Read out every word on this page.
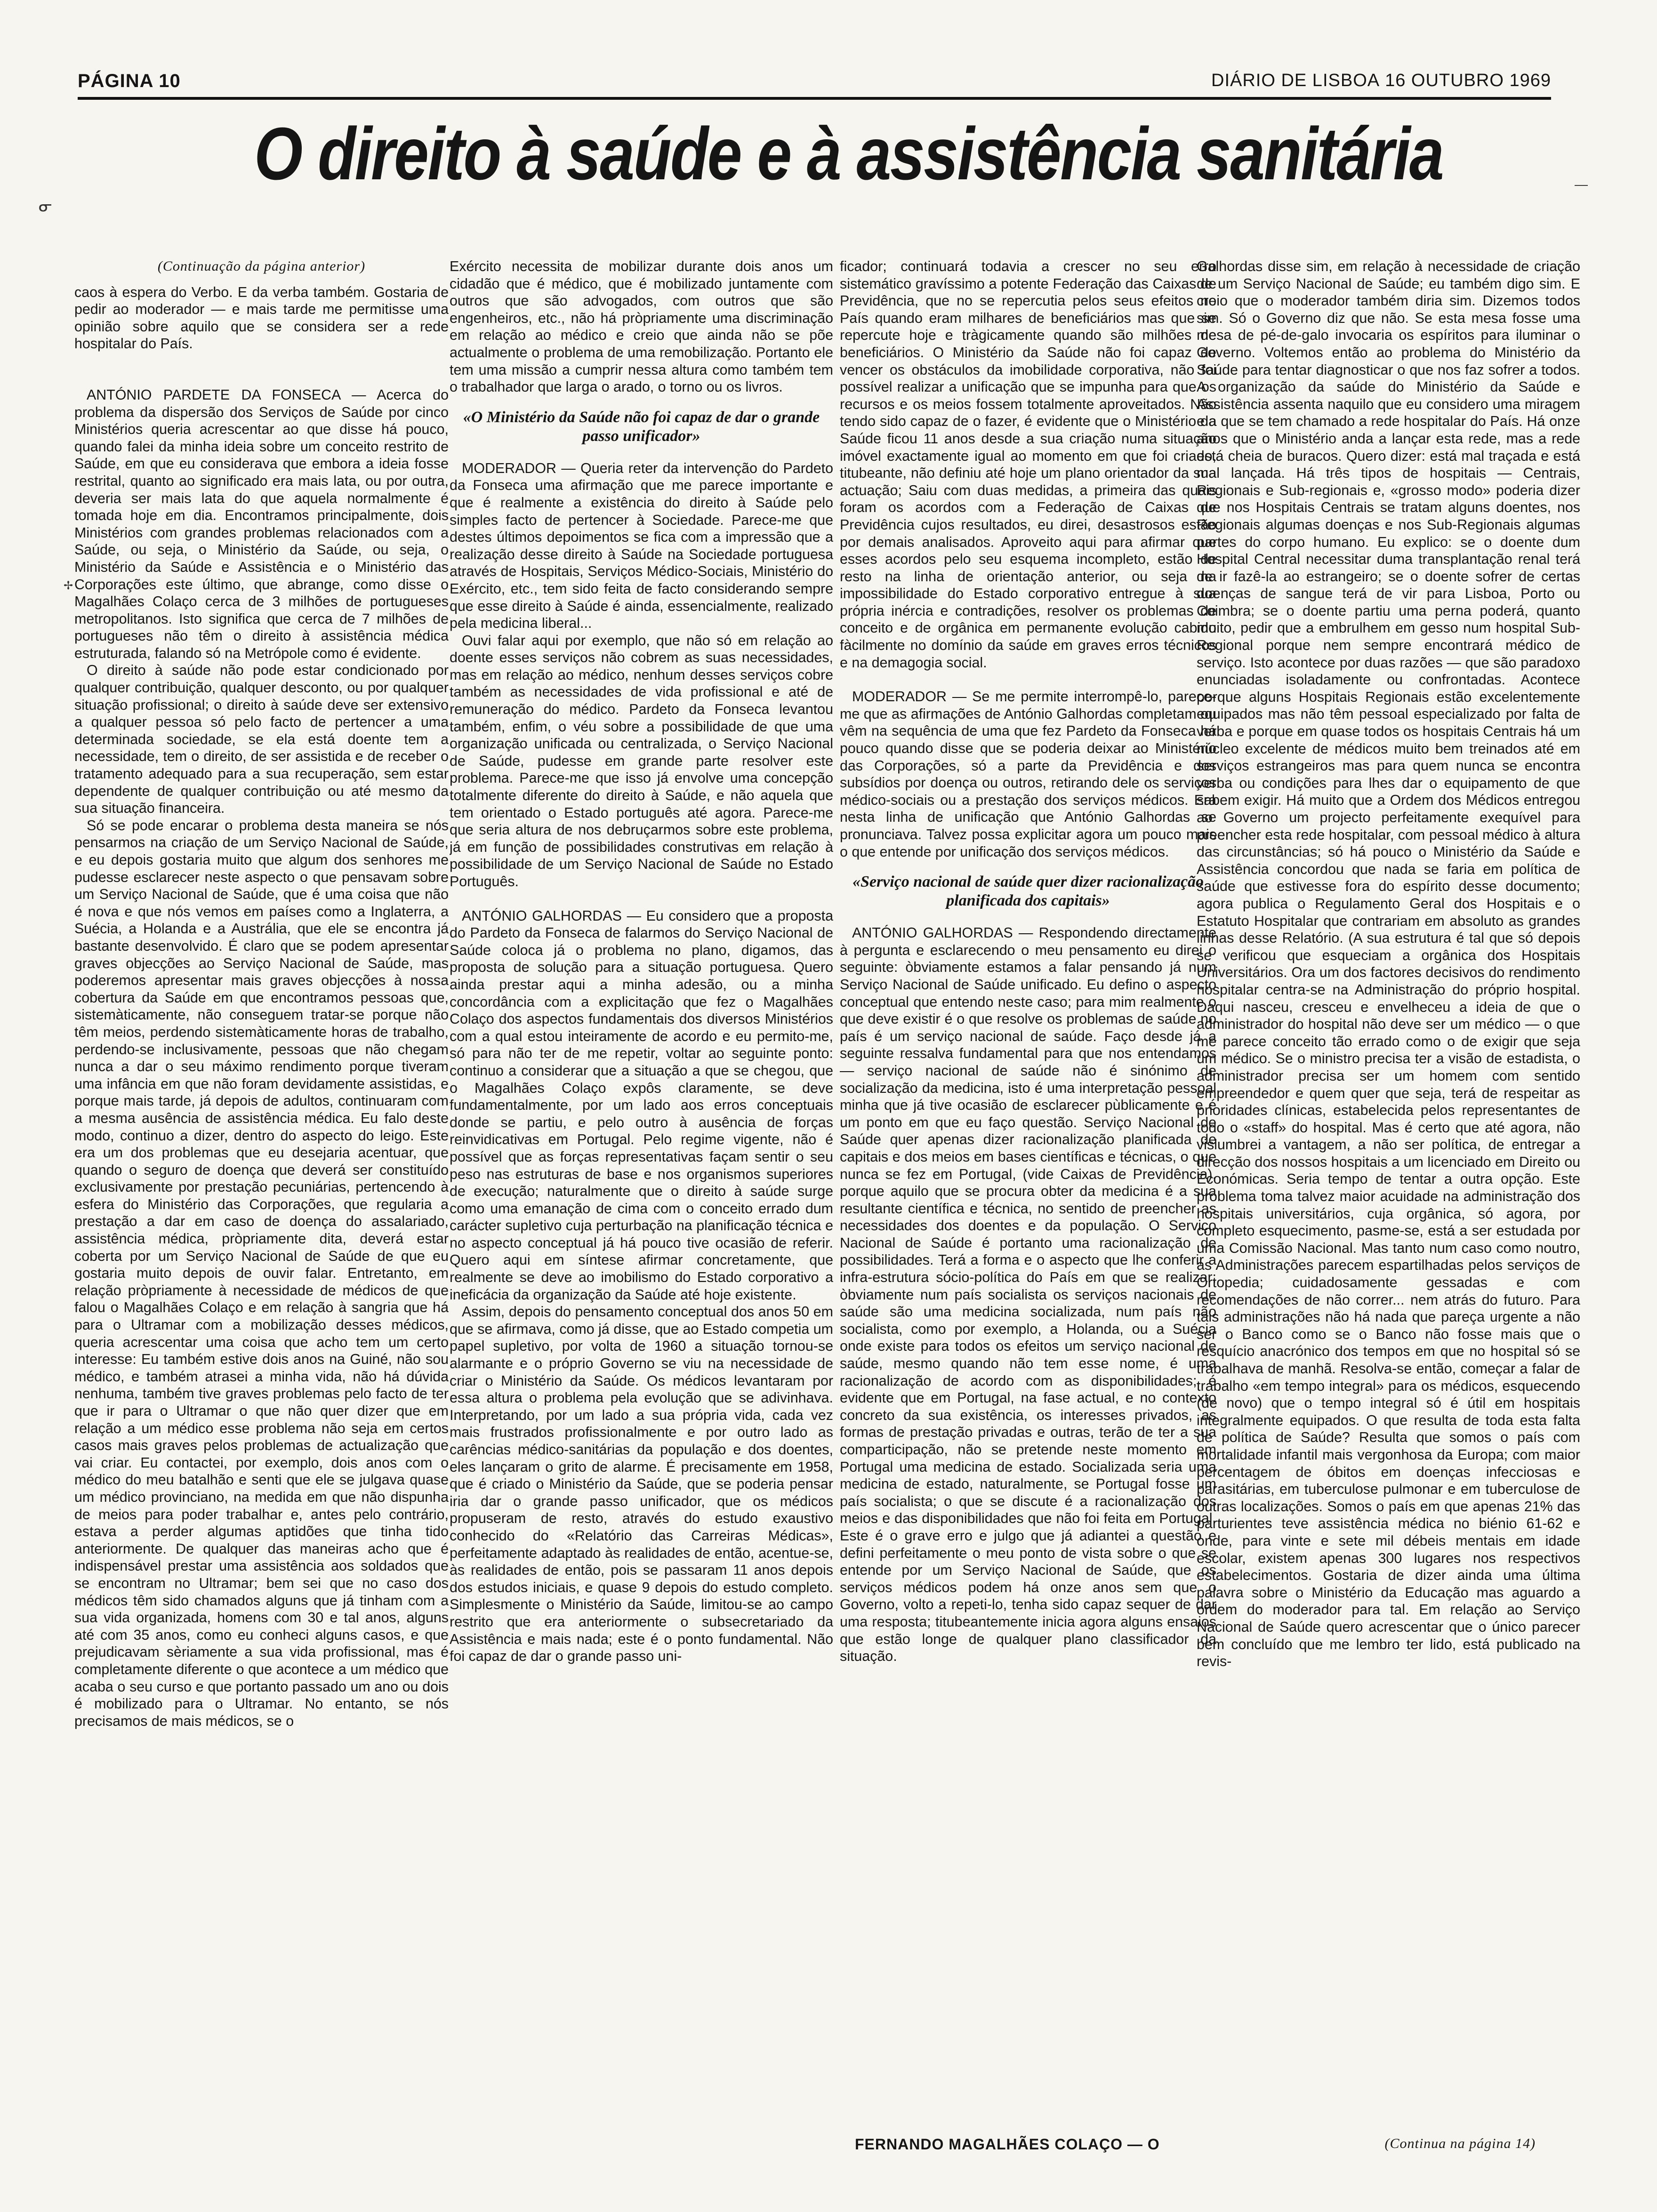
PÁGINA 10	DIÁRIO DE LISBOA 16 OUTUBRO 1969
O direito à saúde e à assistência sanitária
ᓂ
✢
—
(Continuação da página anterior)

caos à espera do Verbo. E da verba também. Gostaria de pedir ao moderador — e mais tarde me permitisse uma opinião sobre aquilo que se considera ser a rede hospitalar do País.

ANTÓNIO PARDETE DA FONSECA — Acerca do problema da dispersão dos Serviços de Saúde por cinco Ministérios queria acrescentar ao que disse há pouco, quando falei da minha ideia sobre um conceito restrito de Saúde, em que eu considerava que embora a ideia fosse restrital, quanto ao significado era mais lata, ou por outra, deveria ser mais lata do que aquela normalmente é tomada hoje em dia. Encontramos principalmente, dois Ministérios com grandes problemas relacionados com a Saúde, ou seja, o Ministério da Saúde, ou seja, o Ministério da Saúde e Assistência e o Ministério das Corporações este último, que abrange, como disse o Magalhães Colaço cerca de 3 milhões de portugueses metropolitanos. Isto significa que cerca de 7 milhões de portugueses não têm o direito à assistência médica estruturada, falando só na Metrópole como é evidente.

O direito à saúde não pode estar condicionado por qualquer contribuição, qualquer desconto, ou por qualquer situação profissional; o direito à saúde deve ser extensivo a qualquer pessoa só pelo facto de pertencer a uma determinada sociedade, se ela está doente tem a necessidade, tem o direito, de ser assistida e de receber o tratamento adequado para a sua recuperação, sem estar dependente de qualquer contribuição ou até mesmo da sua situação financeira.

Só se pode encarar o problema desta maneira se nós pensarmos na criação de um Serviço Nacional de Saúde, e eu depois gostaria muito que algum dos senhores me pudesse esclarecer neste aspecto o que pensavam sobre um Serviço Nacional de Saúde, que é uma coisa que não é nova e que nós vemos em países como a Inglaterra, a Suécia, a Holanda e a Austrália, que ele se encontra já bastante desenvolvido. É claro que se podem apresentar graves objecções ao Serviço Nacional de Saúde, mas poderemos apresentar mais graves objecções à nossa cobertura da Saúde em que encontramos pessoas que, sistemàticamente, não conseguem tratar-se porque não têm meios, perdendo sistemàticamente horas de trabalho, perdendo-se inclusivamente, pessoas que não chegam nunca a dar o seu máximo rendimento porque tiveram uma infância em que não foram devidamente assistidas, e porque mais tarde, já depois de adultos, continuaram com a mesma ausência de assistência médica. Eu falo deste modo, continuo a dizer, dentro do aspecto do leigo. Este era um dos problemas que eu desejaria acentuar, que quando o seguro de doença que deverá ser constituído exclusivamente por prestação pecuniárias, pertencendo à esfera do Ministério das Corporações, que regularia a prestação a dar em caso de doença do assalariado, assistência médica, pròpriamente dita, deverá estar coberta por um Serviço Nacional de Saúde de que eu gostaria muito depois de ouvir falar. Entretanto, em relação pròpriamente à necessidade de médicos de que falou o Magalhães Colaço e em relação à sangria que há para o Ultramar com a mobilização desses médicos, queria acrescentar uma coisa que acho tem um certo interesse: Eu também estive dois anos na Guiné, não sou médico, e também atrasei a minha vida, não há dúvida nenhuma, também tive graves problemas pelo facto de ter que ir para o Ultramar o que não quer dizer que em relação a um médico esse problema não seja em certos casos mais graves pelos problemas de actualização que vai criar. Eu contactei, por exemplo, dois anos com o médico do meu batalhão e senti que ele se julgava quase um médico provinciano, na medida em que não dispunha de meios para poder trabalhar e, antes pelo contrário, estava a perder algumas aptidões que tinha tido anteriormente. De qualquer das maneiras acho que é indispensável prestar uma assistência aos soldados que se encontram no Ultramar; bem sei que no caso dos médicos têm sido chamados alguns que já tinham com a sua vida organizada, homens com 30 e tal anos, alguns até com 35 anos, como eu conheci alguns casos, e que prejudicavam sèriamente a sua vida profissional, mas é completamente diferente o que acontece a um médico que acaba o seu curso e que portanto passado um ano ou dois é mobilizado para o Ultramar. No entanto, se nós precisamos de mais médicos, se o

Exército necessita de mobilizar durante dois anos um cidadão que é médico, que é mobilizado juntamente com outros que são advogados, com outros que são engenheiros, etc., não há pròpriamente uma discriminação em relação ao médico e creio que ainda não se põe actualmente o problema de uma remobilização. Portanto ele tem uma missão a cumprir nessa altura como também tem o trabalhador que larga o arado, o torno ou os livros.

«O Ministério da Saúde não foi capaz de dar o grande passo unificador»

MODERADOR — Queria reter da intervenção do Pardeto da Fonseca uma afirmação que me parece importante e que é realmente a existência do direito à Saúde pelo simples facto de pertencer à Sociedade. Parece-me que destes últimos depoimentos se fica com a impressão que a realização desse direito à Saúde na Sociedade portuguesa através de Hospitais, Serviços Médico-Sociais, Ministério do Exército, etc., tem sido feita de facto considerando sempre que esse direito à Saúde é ainda, essencialmente, realizado pela medicina liberal...

Ouvi falar aqui por exemplo, que não só em relação ao doente esses serviços não cobrem as suas necessidades, mas em relação ao médico, nenhum desses serviços cobre também as necessidades de vida profissional e até de remuneração do médico. Pardeto da Fonseca levantou também, enfim, o véu sobre a possibilidade de que uma organização unificada ou centralizada, o Serviço Nacional de Saúde, pudesse em grande parte resolver este problema. Parece-me que isso já envolve uma concepção totalmente diferente do direito à Saúde, e não aquela que tem orientado o Estado português até agora. Parece-me que seria altura de nos debruçarmos sobre este problema, já em função de possibilidades construtivas em relação à possibilidade de um Serviço Nacional de Saúde no Estado Português.

ANTÓNIO GALHORDAS — Eu considero que a proposta do Pardeto da Fonseca de falarmos do Serviço Nacional de Saúde coloca já o problema no plano, digamos, das proposta de solução para a situação portuguesa. Quero ainda prestar aqui a minha adesão, ou a minha concordância com a explicitação que fez o Magalhães Colaço dos aspectos fundamentais dos diversos Ministérios com a qual estou inteiramente de acordo e eu permito-me, só para não ter de me repetir, voltar ao seguinte ponto: continuo a considerar que a situação a que se chegou, que o Magalhães Colaço expôs claramente, se deve fundamentalmente, por um lado aos erros conceptuais donde se partiu, e pelo outro à ausência de forças reinvidicativas em Portugal. Pelo regime vigente, não é possível que as forças representativas façam sentir o seu peso nas estruturas de base e nos organismos superiores de execução; naturalmente que o direito à saúde surge como uma emanação de cima com o conceito errado dum carácter supletivo cuja perturbação na planificação técnica e no aspecto conceptual já há pouco tive ocasião de referir. Quero aqui em síntese afirmar concretamente, que realmente se deve ao imobilismo do Estado corporativo a ineficácia da organização da Saúde até hoje existente.

Assim, depois do pensamento conceptual dos anos 50 em que se afirmava, como já disse, que ao Estado competia um papel supletivo, por volta de 1960 a situação tornou-se alarmante e o próprio Governo se viu na necessidade de criar o Ministério da Saúde. Os médicos levantaram por essa altura o problema pela evolução que se adivinhava. Interpretando, por um lado a sua própria vida, cada vez mais frustrados profissionalmente e por outro lado as carências médico-sanitárias da população e dos doentes, eles lançaram o grito de alarme. É precisamente em 1958, que é criado o Ministério da Saúde, que se poderia pensar iria dar o grande passo unificador, que os médicos propuseram de resto, através do estudo exaustivo conhecido do «Relatório das Carreiras Médicas», perfeitamente adaptado às realidades de então, acentue-se, às realidades de então, pois se passaram 11 anos depois dos estudos iniciais, e quase 9 depois do estudo completo. Simplesmente o Ministério da Saúde, limitou-se ao campo restrito que era anteriormente o subsecretariado da Assistência e mais nada; este é o ponto fundamental. Não foi capaz de dar o grande passo uni-

ficador; continuará todavia a crescer no seu erro sistemático gravíssimo a potente Federação das Caixas de Previdência, que no se repercutia pelos seus efeitos no País quando eram milhares de beneficiários mas que se repercute hoje e tràgicamente quando são milhões de beneficiários. O Ministério da Saúde não foi capaz de vencer os obstáculos da imobilidade corporativa, não foi possível realizar a unificação que se impunha para que os recursos e os meios fossem totalmente aproveitados. Não tendo sido capaz de o fazer, é evidente que o Ministério da Saúde ficou 11 anos desde a sua criação numa situação imóvel exactamente igual ao momento em que foi criado, titubeante, não definiu até hoje um plano orientador da sua actuação; Saiu com duas medidas, a primeira das quais foram os acordos com a Federação de Caixas de Previdência cujos resultados, eu direi, desastrosos estão por demais analisados. Aproveito aqui para afirmar que esses acordos pelo seu esquema incompleto, estão de resto na linha de orientação anterior, ou seja na impossibilidade do Estado corporativo entregue à sua própria inércia e contradições, resolver os problemas de conceito e de orgânica em permanente evolução cabido fàcilmente no domínio da saúde em graves erros técnicos e na demagogia social.

MODERADOR — Se me permite interrompê-lo, parece-me que as afirmações de António Galhordas completam ou vêm na sequência de uma que fez Pardeto da Fonseca há pouco quando disse que se poderia deixar ao Ministério das Corporações, só a parte da Previdência e dos subsídios por doença ou outros, retirando dele os serviços médico-sociais ou a prestação dos serviços médicos. Era nesta linha de unificação que António Galhordas se pronunciava. Talvez possa explicitar agora um pouco mais o que entende por unificação dos serviços médicos.

«Serviço nacional de saúde quer dizer racionalização planificada dos capitais»

ANTÓNIO GALHORDAS — Respondendo directamente à pergunta e esclarecendo o meu pensamento eu direi o seguinte: òbviamente estamos a falar pensando já num Serviço Nacional de Saúde unificado. Eu defino o aspecto conceptual que entendo neste caso; para mim realmente o que deve existir é o que resolve os problemas de saúde no país é um serviço nacional de saúde. Faço desde já a seguinte ressalva fundamental para que nos entendamos — serviço nacional de saúde não é sinónimo de socialização da medicina, isto é uma interpretação pessoal minha que já tive ocasião de esclarecer pùblicamente e é um ponto em que eu faço questão. Serviço Nacional de Saúde quer apenas dizer racionalização planificada de capitais e dos meios em bases científicas e técnicas, o que nunca se fez em Portugal, (vide Caixas de Previdência), porque aquilo que se procura obter da medicina é a sua resultante científica e técnica, no sentido de preencher as necessidades dos doentes e da população. O Serviço Nacional de Saúde é portanto uma racionalização de possibilidades. Terá a forma e o aspecto que lhe conferir a infra-estrutura sócio-política do País em que se realizar; òbviamente num país socialista os serviços nacionais de saúde são uma medicina socializada, num país não socialista, como por exemplo, a Holanda, ou a Suécia onde existe para todos os efeitos um serviço nacional de saúde, mesmo quando não tem esse nome, é uma racionalização de acordo com as disponibilidades; é evidente que em Portugal, na fase actual, e no contexto concreto da sua existência, os interesses privados, as formas de prestação privadas e outras, terão de ter a sua comparticipação, não se pretende neste momento em Portugal uma medicina de estado. Socializada seria uma medicina de estado, naturalmente, se Portugal fosse um país socialista; o que se discute é a racionalização dos meios e das disponibilidades que não foi feita em Portugal. Este é o grave erro e julgo que já adiantei a questão e defini perfeitamente o meu ponto de vista sobre o que se entende por um Serviço Nacional de Saúde, que os serviços médicos podem há onze anos sem que o Governo, volto a repeti-lo, tenha sido capaz sequer de dar uma resposta; titubeantemente inicia agora alguns ensaios que estão longe de qualquer plano classificador da situação.

FERNANDO MAGALHÃES COLAÇO — O

Galhordas disse sim, em relação à necessidade de criação de um Serviço Nacional de Saúde; eu também digo sim. E creio que o moderador também diria sim. Dizemos todos sim. Só o Governo diz que não. Se esta mesa fosse uma mesa de pé-de-galo invocaria os espíritos para iluminar o Governo. Voltemos então ao problema do Ministério da Saúde para tentar diagnosticar o que nos faz sofrer a todos. A organização da saúde do Ministério da Saúde e Assistência assenta naquilo que eu considero uma miragem e a que se tem chamado a rede hospitalar do País. Há onze anos que o Ministério anda a lançar esta rede, mas a rede está cheia de buracos. Quero dizer: está mal traçada e está mal lançada. Há três tipos de hospitais — Centrais, Regionais e Sub-regionais e, «grosso modo» poderia dizer que nos Hospitais Centrais se tratam alguns doentes, nos Regionais algumas doenças e nos Sub-Regionais algumas partes do corpo humano. Eu explico: se o doente dum Hospital Central necessitar duma transplantação renal terá de ir fazê-la ao estrangeiro; se o doente sofrer de certas doenças de sangue terá de vir para Lisboa, Porto ou Coimbra; se o doente partiu uma perna poderá, quanto muito, pedir que a embrulhem em gesso num hospital Sub-Regional porque nem sempre encontrará médico de serviço. Isto acontece por duas razões — que são paradoxo enunciadas isoladamente ou confrontadas. Acontece porque alguns Hospitais Regionais estão excelentemente equipados mas não têm pessoal especializado por falta de verba e porque em quase todos os hospitais Centrais há um núcleo excelente de médicos muito bem treinados até em serviços estrangeiros mas para quem nunca se encontra verba ou condições para lhes dar o equipamento de que sabem exigir. Há muito que a Ordem dos Médicos entregou ao Governo um projecto perfeitamente exequível para preencher esta rede hospitalar, com pessoal médico à altura das circunstâncias; só há pouco o Ministério da Saúde e Assistência concordou que nada se faria em política de saúde que estivesse fora do espírito desse documento; agora publica o Regulamento Geral dos Hospitais e o Estatuto Hospitalar que contrariam em absoluto as grandes linhas desse Relatório. (A sua estrutura é tal que só depois se verificou que esqueciam a orgânica dos Hospitais Universitários. Ora um dos factores decisivos do rendimento hospitalar centra-se na Administração do próprio hospital. Daqui nasceu, cresceu e envelheceu a ideia de que o administrador do hospital não deve ser um médico — o que me parece conceito tão errado como o de exigir que seja um médico. Se o ministro precisa ter a visão de estadista, o administrador precisa ser um homem com sentido empreendedor e quem quer que seja, terá de respeitar as prioridades clínicas, estabelecida pelos representantes de todo o «staff» do hospital. Mas é certo que até agora, não vislumbrei a vantagem, a não ser política, de entregar a direcção dos nossos hospitais a um licenciado em Direito ou Económicas. Seria tempo de tentar a outra opção. Este problema toma talvez maior acuidade na administração dos hospitais universitários, cuja orgânica, só agora, por completo esquecimento, pasme-se, está a ser estudada por uma Comissão Nacional. Mas tanto num caso como noutro, as Administrações parecem espartilhadas pelos serviços de Ortopedia; cuidadosamente gessadas e com recomendações de não correr... nem atrás do futuro. Para tais administrações não há nada que pareça urgente a não ser o Banco como se o Banco não fosse mais que o resquício anacrónico dos tempos em que no hospital só se trabalhava de manhã. Resolva-se então, começar a falar de trabalho «em tempo integral» para os médicos, esquecendo (de novo) que o tempo integral só é útil em hospitais integralmente equipados. O que resulta de toda esta falta de política de Saúde? Resulta que somos o país com mortalidade infantil mais vergonhosa da Europa; com maior percentagem de óbitos em doenças infecciosas e parasitárias, em tuberculose pulmonar e em tuberculose de outras localizações. Somos o país em que apenas 21% das parturientes teve assistência médica no biénio 61-62 e onde, para vinte e sete mil débeis mentais em idade escolar, existem apenas 300 lugares nos respectivos estabelecimentos. Gostaria de dizer ainda uma última palavra sobre o Ministério da Educação mas aguardo a ordem do moderador para tal. Em relação ao Serviço Nacional de Saúde quero acrescentar que o único parecer bem concluído que me lembro ter lido, está publicado na revis-

(Continua na página 14)
